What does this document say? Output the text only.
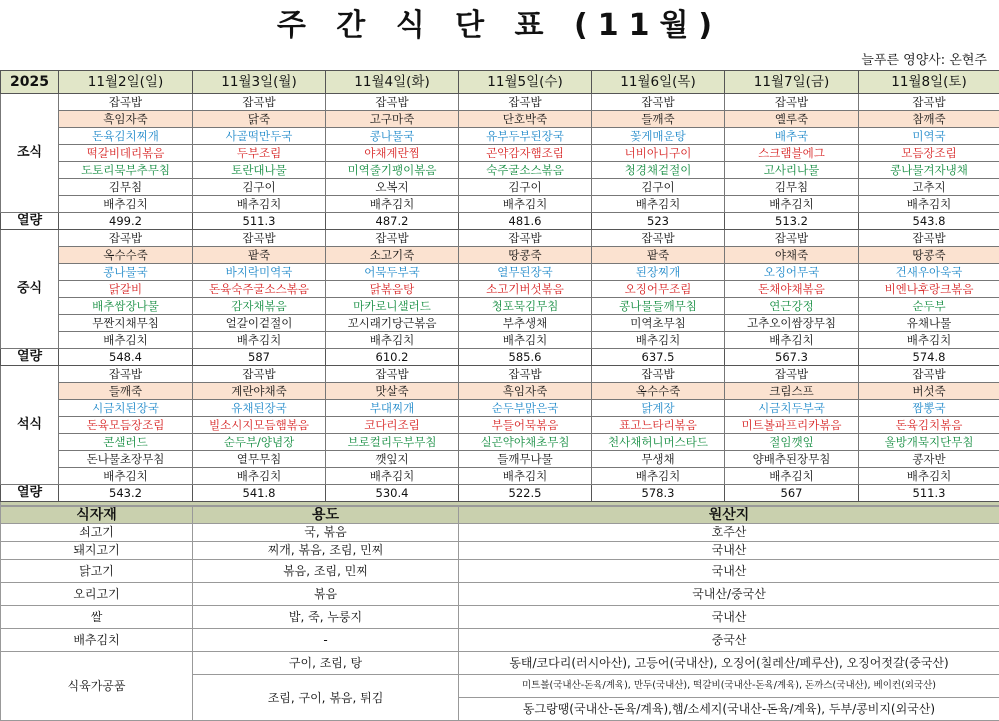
주 간 식 단 표 (11월)
늘푸른 영양사: 온현주
2025	11월2일(일)	11월3일(월)	11월4일(화)	11월5일(수)	11월6일(목)	11월7일(금)	11월8일(토)
조식	잡곡밥	잡곡밥	잡곡밥	잡곡밥	잡곡밥	잡곡밥	잡곡밥
	흑임자죽	닭죽	고구마죽	단호박죽	들깨죽	옐루죽	참깨죽
	돈육김치찌개	사골떡만두국	콩나물국	유부두부된장국	꽃게매운탕	배추국	미역국
	떡갈비데리볶음	두부조림	야채계란찜	곤약감자햄조림	너비아니구이	스크램블에그	모듬장조림
	도토리묵부추무침	토란대나물	미역줄기팽이볶음	숙주굴소스볶음	청경채겉절이	고사리나물	콩나물겨자냉채
	김무침	김구이	오복지	김구이	김구이	김무침	고추지
	배추김치	배추김치	배추김치	배추김치	배추김치	배추김치	배추김치
열량	499.2	511.3	487.2	481.6	523	513.2	543.8
중식	잡곡밥	잡곡밥	잡곡밥	잡곡밥	잡곡밥	잡곡밥	잡곡밥
	옥수수죽	팥죽	소고기죽	땅콩죽	팥죽	야채죽	땅콩죽
	콩나물국	바지락미역국	어묵두부국	열무된장국	된장찌개	오징어무국	건새우아욱국
	닭갈비	돈육숙주굴소스볶음	닭볶음탕	소고기버섯볶음	오징어무조림	돈채야채볶음	비엔나후랑크볶음
	배추쌈장나물	감자채볶음	마카로니샐러드	청포묵김무침	콩나물들깨무침	연근강정	순두부
	무짠지채무침	얼갈이겉절이	꼬시래기당근볶음	부추생채	미역초무침	고추오이쌈장무침	유채나물
	배추김치	배추김치	배추김치	배추김치	배추김치	배추김치	배추김치
열량	548.4	587	610.2	585.6	637.5	567.3	574.8
석식	잡곡밥	잡곡밥	잡곡밥	잡곡밥	잡곡밥	잡곡밥	잡곡밥
	들깨죽	계란야채죽	맛살죽	흑임자죽	옥수수죽	크림스프	버섯죽
	시금치된장국	유채된장국	부대찌개	순두부맑은국	닭계장	시금치두부국	짬뽕국
	돈육모듬장조림	빌소시지모듬햄볶음	코다리조림	부들어묵볶음	표고느타리볶음	미트볼파프리카볶음	돈육김치볶음
	콘샐러드	순두부/양념장	브로컬리두부무침	실곤약야채초무침	천사채허니머스타드	절임깻잎	울방개묵지단무침
	돈나물초장무침	열무무침	깻잎지	들깨무나물	무생채	양배추된장무침	콩자반
	배추김치	배추김치	배추김치	배추김치	배추김치	배추김치	배추김치
열량	543.2	541.8	530.4	522.5	578.3	567	511.3

식자재	용도	원산지
쇠고기	국, 볶음	호주산
돼지고기	찌개, 볶음, 조림, 민찌	국내산
닭고기	볶음, 조림, 민찌	국내산
오리고기	볶음	국내산/중국산
쌀	밥, 죽, 누룽지	국내산
배추김치	-	중국산
식육가공품	구이, 조림, 탕	동태/코다리(러시아산), 고등어(국내산), 오징어(칠레산/페루산), 오징어젓갈(중국산)
	조림, 구이, 볶음, 튀김	미트볼(국내산-돈육/계육), 만두(국내산), 떡갈비(국내산-돈육/계육), 돈까스(국내산), 베이컨(외국산)
		동그랑땡(국내산-돈육/계육),햄/소세지(국내산-돈육/계육), 두부/콩비지(외국산)
